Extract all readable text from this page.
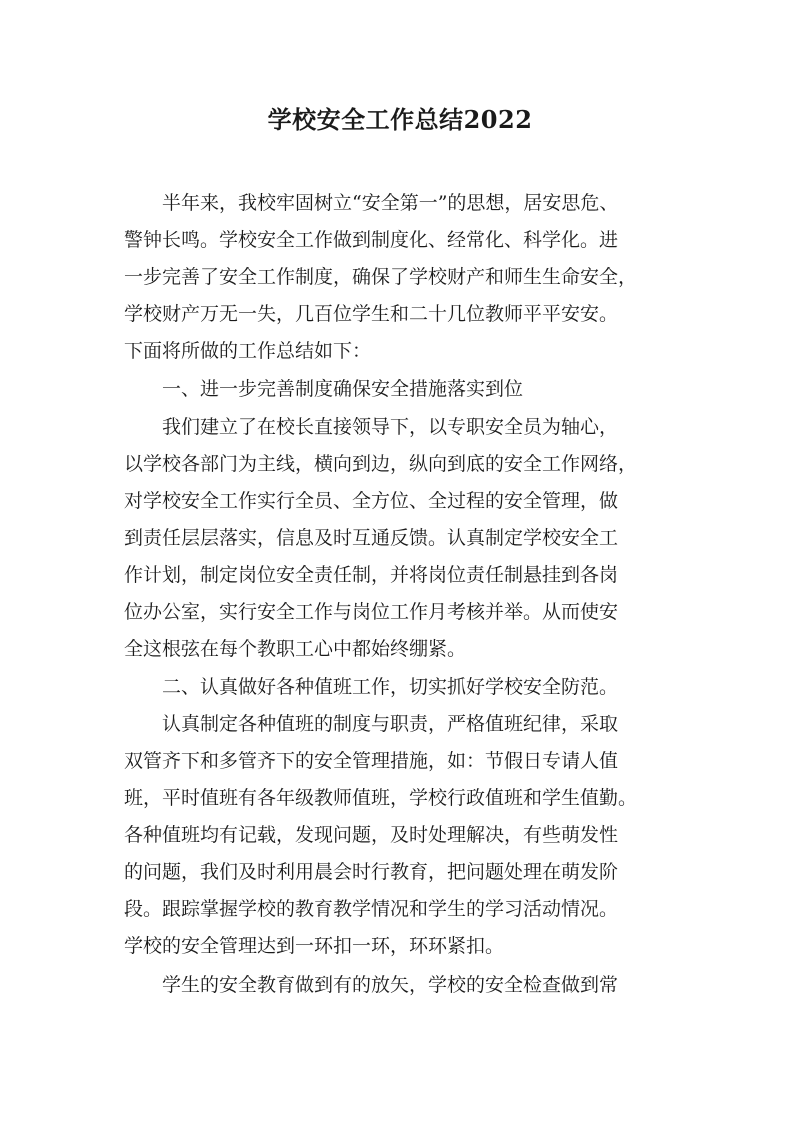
学校安全工作总结2022

　　半年来，我校牢固树立“安全第一”的思想，居安思危、

警钟长鸣。学校安全工作做到制度化、经常化、科学化。进

一步完善了安全工作制度，确保了学校财产和师生生命安全，

学校财产万无一失，几百位学生和二十几位教师平平安安。

下面将所做的工作总结如下：

　　一、进一步完善制度确保安全措施落实到位

　　我们建立了在校长直接领导下，以专职安全员为轴心，

以学校各部门为主线，横向到边，纵向到底的安全工作网络，

对学校安全工作实行全员、全方位、全过程的安全管理，做

到责任层层落实，信息及时互通反馈。认真制定学校安全工

作计划，制定岗位安全责任制，并将岗位责任制悬挂到各岗

位办公室，实行安全工作与岗位工作月考核并举。从而使安

全这根弦在每个教职工心中都始终绷紧。

　　二、认真做好各种值班工作，切实抓好学校安全防范。

　　认真制定各种值班的制度与职责，严格值班纪律，采取

双管齐下和多管齐下的安全管理措施，如：节假日专请人值

班，平时值班有各年级教师值班，学校行政值班和学生值勤。

各种值班均有记载，发现问题，及时处理解决，有些萌发性

的问题，我们及时利用晨会时行教育，把问题处理在萌发阶

段。跟踪掌握学校的教育教学情况和学生的学习活动情况。

学校的安全管理达到一环扣一环，环环紧扣。

　　学生的安全教育做到有的放矢，学校的安全检查做到常
